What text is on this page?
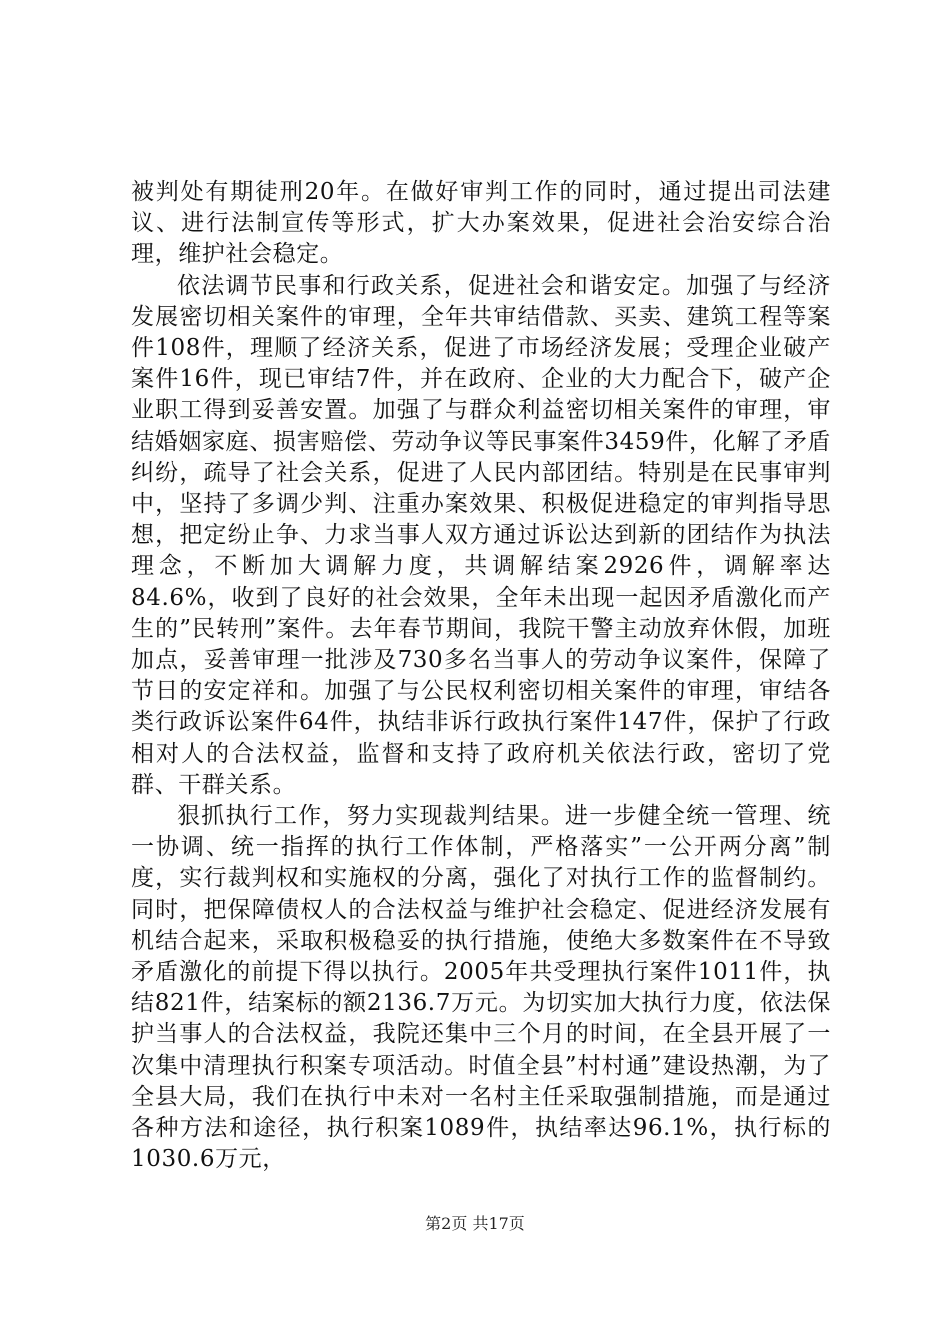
被判处有期徒刑20年。在做好审判工作的同时，通过提出司法建议、进行法制宣传等形式，扩大办案效果，促进社会治安综合治理，维护社会稳定。

依法调节民事和行政关系，促进社会和谐安定。加强了与经济发展密切相关案件的审理，全年共审结借款、买卖、建筑工程等案件108件，理顺了经济关系，促进了市场经济发展；受理企业破产案件16件，现已审结7件，并在政府、企业的大力配合下，破产企业职工得到妥善安置。加强了与群众利益密切相关案件的审理，审结婚姻家庭、损害赔偿、劳动争议等民事案件3459件，化解了矛盾纠纷，疏导了社会关系，促进了人民内部团结。特别是在民事审判中，坚持了多调少判、注重办案效果、积极促进稳定的审判指导思想，把定纷止争、力求当事人双方通过诉讼达到新的团结作为执法理念，不断加大调解力度，共调解结案2926件，调解率达84.6%，收到了良好的社会效果，全年未出现一起因矛盾激化而产生的”民转刑”案件。去年春节期间，我院干警主动放弃休假，加班加点，妥善审理一批涉及730多名当事人的劳动争议案件，保障了节日的安定祥和。加强了与公民权利密切相关案件的审理，审结各类行政诉讼案件64件，执结非诉行政执行案件147件，保护了行政相对人的合法权益，监督和支持了政府机关依法行政，密切了党群、干群关系。

狠抓执行工作，努力实现裁判结果。进一步健全统一管理、统一协调、统一指挥的执行工作体制，严格落实”一公开两分离”制度，实行裁判权和实施权的分离，强化了对执行工作的监督制约。同时，把保障债权人的合法权益与维护社会稳定、促进经济发展有机结合起来，采取积极稳妥的执行措施，使绝大多数案件在不导致矛盾激化的前提下得以执行。2005年共受理执行案件1011件，执结821件，结案标的额2136.7万元。为切实加大执行力度，依法保护当事人的合法权益，我院还集中三个月的时间，在全县开展了一次集中清理执行积案专项活动。时值全县”村村通”建设热潮，为了全县大局，我们在执行中未对一名村主任采取强制措施，而是通过各种方法和途径，执行积案1089件，执结率达96.1%，执行标的1030.6万元，

第2页 共17页
